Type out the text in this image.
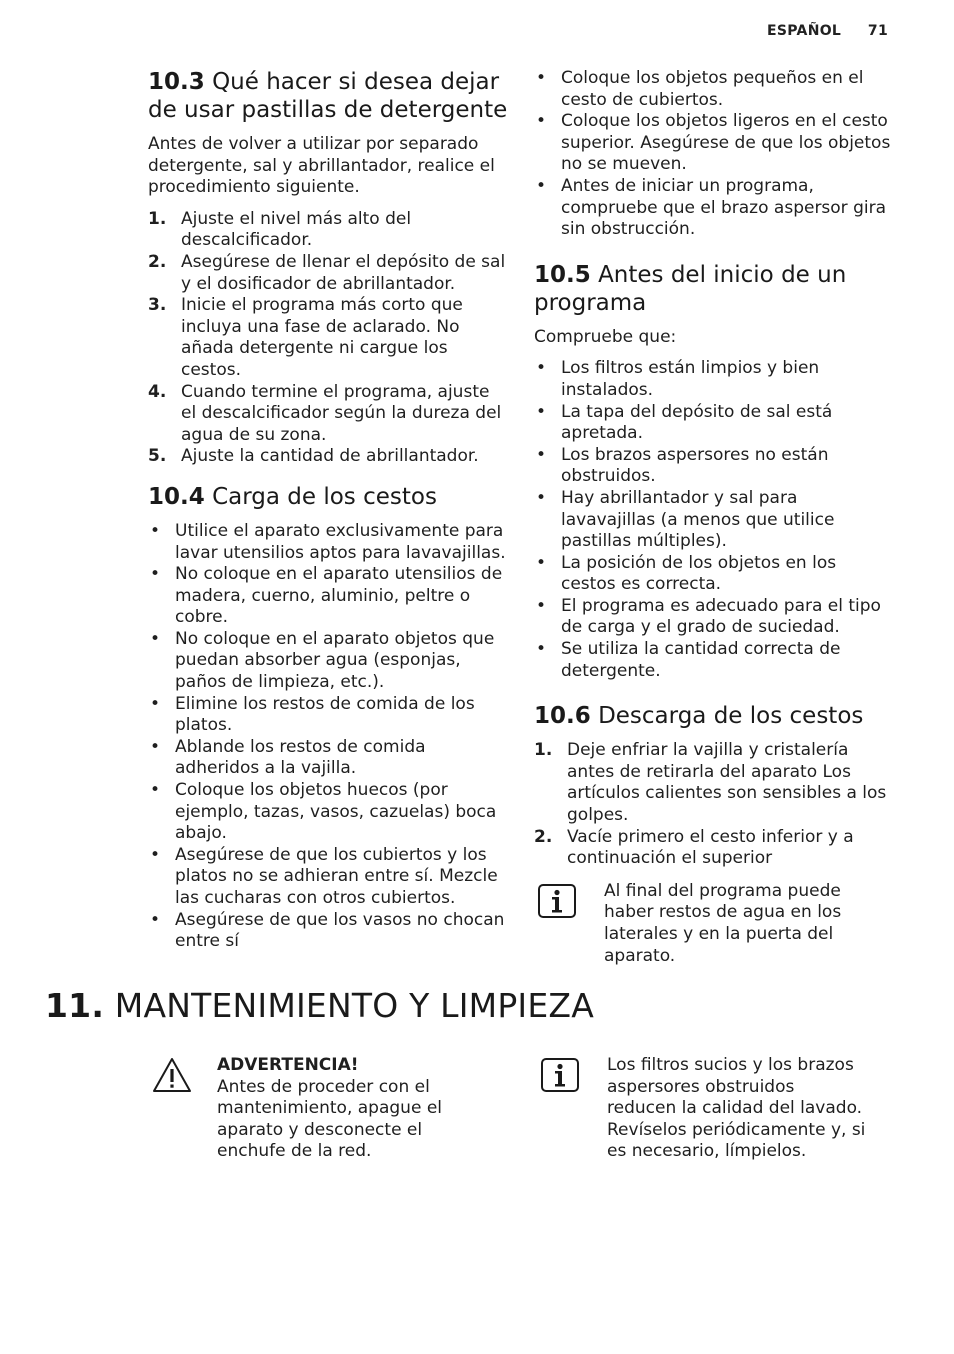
ESPAÑOL 71
10.3 Qué hacer si desea dejar de usar pastillas de detergente

Antes de volver a utilizar por separado detergente, sal y abrillantador, realice el procedimiento siguiente.

1. Ajuste el nivel más alto del descalcificador.
2. Asegúrese de llenar el depósito de sal y el dosificador de abrillantador.
3. Inicie el programa más corto que incluya una fase de aclarado. No añada detergente ni cargue los cestos.
4. Cuando termine el programa, ajuste el descalcificador según la dureza del agua de su zona.
5. Ajuste la cantidad de abrillantador.
10.4 Carga de los cestos
• Utilice el aparato exclusivamente para lavar utensilios aptos para lavavajillas.
• No coloque en el aparato utensilios de madera, cuerno, aluminio, peltre o cobre.
• No coloque en el aparato objetos que puedan absorber agua (esponjas, paños de limpieza, etc.).
• Elimine los restos de comida de los platos.
• Ablande los restos de comida adheridos a la vajilla.
• Coloque los objetos huecos (por ejemplo, tazas, vasos, cazuelas) boca abajo.
• Asegúrese de que los cubiertos y los platos no se adhieran entre sí. Mezcle las cucharas con otros cubiertos.
• Asegúrese de que los vasos no chocan entre sí
• Coloque los objetos pequeños en el cesto de cubiertos.
• Coloque los objetos ligeros en el cesto superior. Asegúrese de que los objetos no se mueven.
• Antes de iniciar un programa, compruebe que el brazo aspersor gira sin obstrucción.
10.5 Antes del inicio de un programa

Compruebe que:

• Los filtros están limpios y bien instalados.
• La tapa del depósito de sal está apretada.
• Los brazos aspersores no están obstruidos.
• Hay abrillantador y sal para lavavajillas (a menos que utilice pastillas múltiples).
• La posición de los objetos en los cestos es correcta.
• El programa es adecuado para el tipo de carga y el grado de suciedad.
• Se utiliza la cantidad correcta de detergente.
10.6 Descarga de los cestos
1. Deje enfriar la vajilla y cristalería antes de retirarla del aparato Los artículos calientes son sensibles a los golpes.
2. Vacíe primero el cesto inferior y a continuación el superior

Al final del programa puede haber restos de agua en los laterales y en la puerta del aparato.

11. MANTENIMIENTO Y LIMPIEZA

ADVERTENCIA!

Antes de proceder con el mantenimiento, apague el aparato y desconecte el enchufe de la red.

Los filtros sucios y los brazos aspersores obstruidos reducen la calidad del lavado. Revíselos periódicamente y, si es necesario, límpielos.
